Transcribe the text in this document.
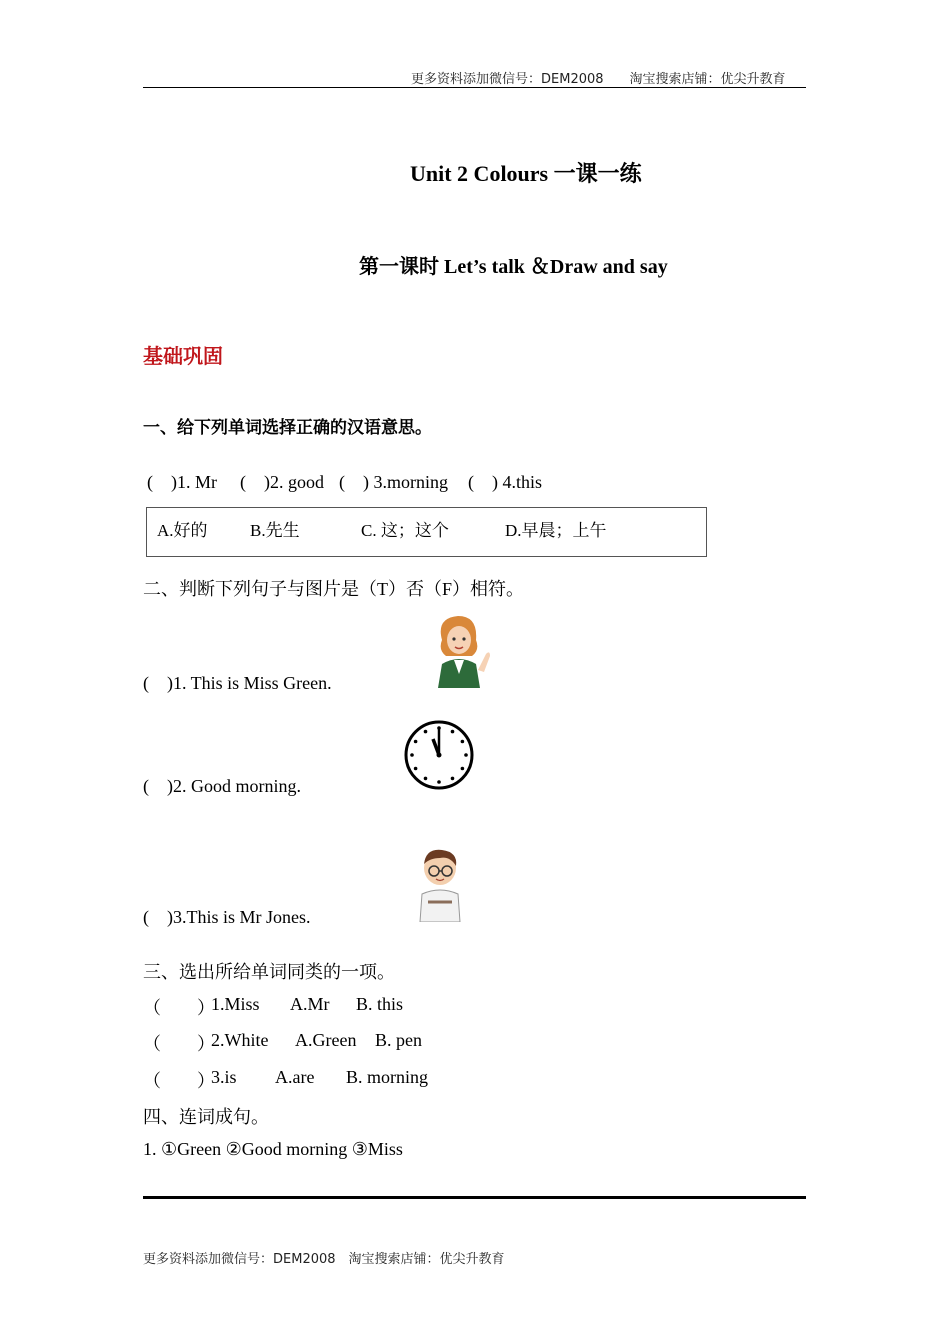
更多资料添加微信号：DEM2008　　淘宝搜索店铺：优尖升教育
Unit 2 Colours 一课一练
第一课时 Let’s talk ＆Draw and say
基础巩固
一、给下列单词选择正确的汉语意思。
(　)1. Mr (　)2. good (　) 3.morning (　) 4.this
A.好的 B.先生	C. 这；这个	D.早晨；上午
二、判断下列句子与图片是（T）否（F）相符。
(　)1. This is Miss Green.
(　)2. Good morning.
(　)3.This is Mr Jones.
三、选出所给单词同类的一项。
（　　）
1.Miss A.Mr B. this
（　　）
2.White A.Green B. pen
（　　）
3.is A.are B. morning
四、连词成句。
1. ①Green ②Good morning ③Miss
更多资料添加微信号：DEM2008　淘宝搜索店铺：优尖升教育
